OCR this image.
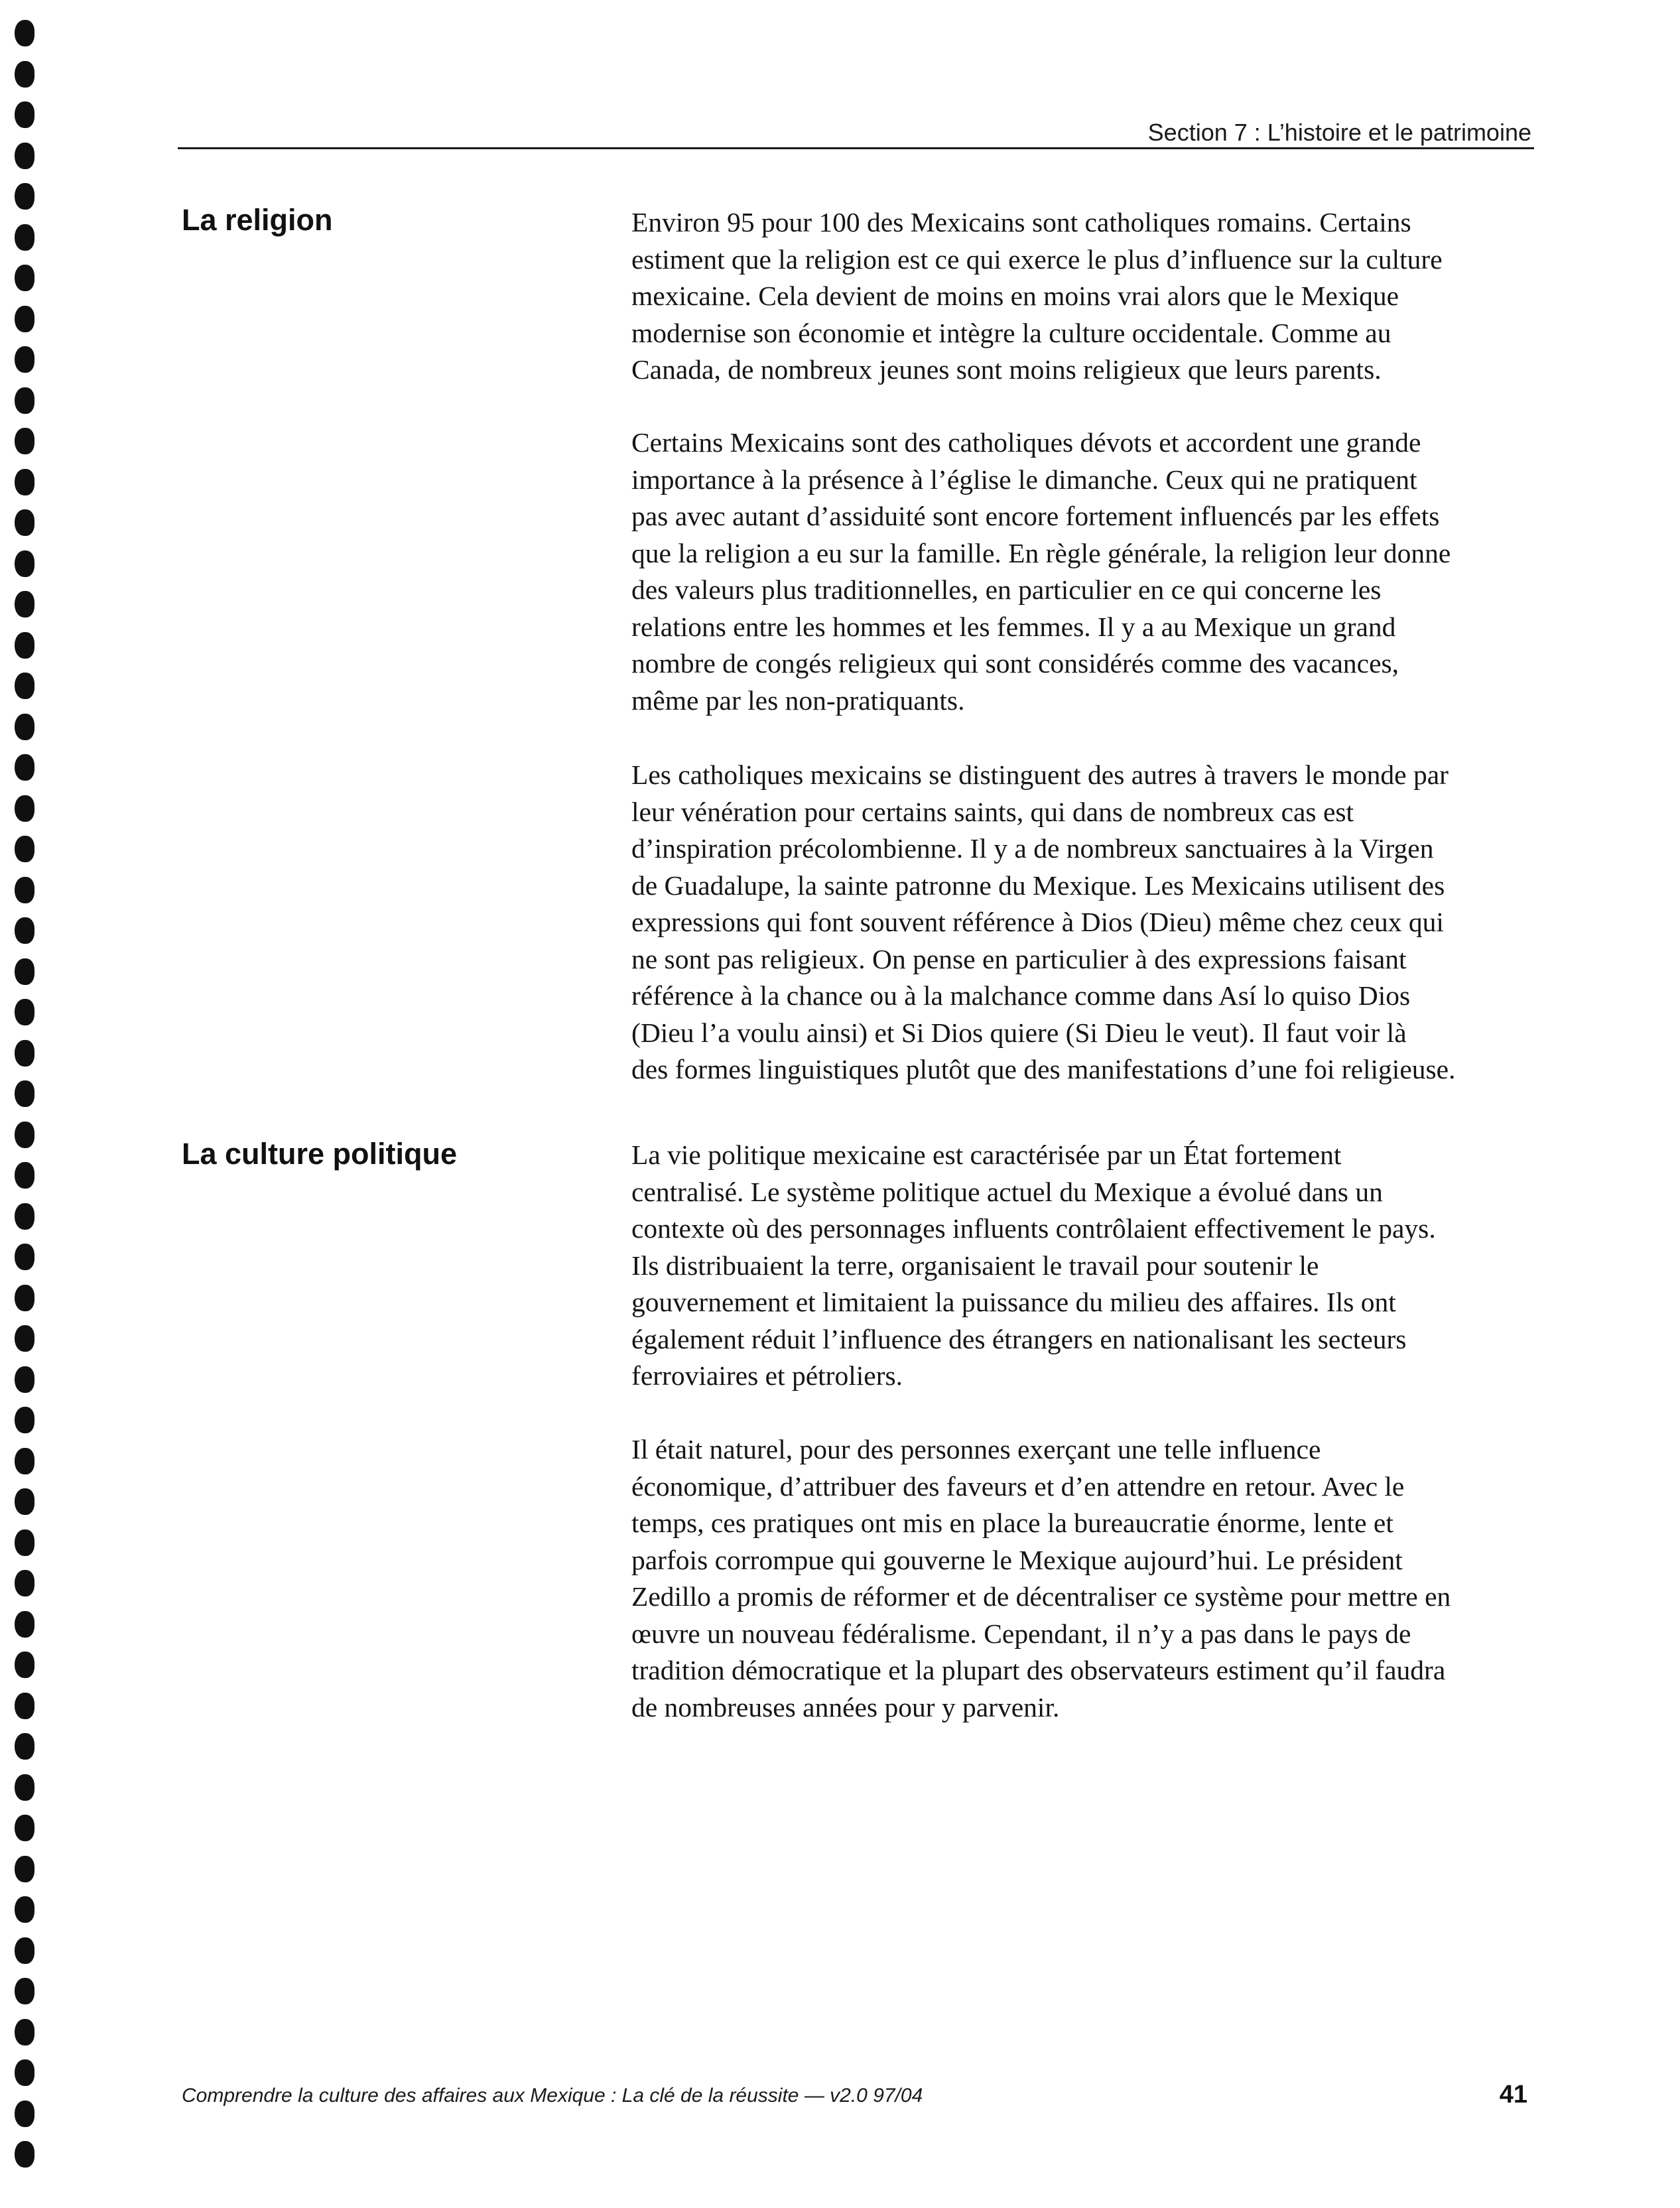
Section 7 : L’histoire et le patrimoine
La religion
La culture politique

Environ 95 pour 100 des Mexicains sont catholiques romains. Certains
estiment que la religion est ce qui exerce le plus d’influence sur la culture
mexicaine. Cela devient de moins en moins vrai alors que le Mexique
modernise son économie et intègre la culture occidentale. Comme au
Canada, de nombreux jeunes sont moins religieux que leurs parents.

Certains Mexicains sont des catholiques dévots et accordent une grande
importance à la présence à l’église le dimanche. Ceux qui ne pratiquent
pas avec autant d’assiduité sont encore fortement influencés par les effets
que la religion a eu sur la famille. En règle générale, la religion leur donne
des valeurs plus traditionnelles, en particulier en ce qui concerne les
relations entre les hommes et les femmes. Il y a au Mexique un grand
nombre de congés religieux qui sont considérés comme des vacances,
même par les non-pratiquants.

Les catholiques mexicains se distinguent des autres à travers le monde par
leur vénération pour certains saints, qui dans de nombreux cas est
d’inspiration précolombienne. Il y a de nombreux sanctuaires à la Virgen
de Guadalupe, la sainte patronne du Mexique. Les Mexicains utilisent des
expressions qui font souvent référence à Dios (Dieu) même chez ceux qui
ne sont pas religieux. On pense en particulier à des expressions faisant
référence à la chance ou à la malchance comme dans Así lo quiso Dios
(Dieu l’a voulu ainsi) et Si Dios quiere (Si Dieu le veut). Il faut voir là
des formes linguistiques plutôt que des manifestations d’une foi religieuse.

La vie politique mexicaine est caractérisée par un État fortement
centralisé. Le système politique actuel du Mexique a évolué dans un
contexte où des personnages influents contrôlaient effectivement le pays.
Ils distribuaient la terre, organisaient le travail pour soutenir le
gouvernement et limitaient la puissance du milieu des affaires. Ils ont
également réduit l’influence des étrangers en nationalisant les secteurs
ferroviaires et pétroliers.

Il était naturel, pour des personnes exerçant une telle influence
économique, d’attribuer des faveurs et d’en attendre en retour. Avec le
temps, ces pratiques ont mis en place la bureaucratie énorme, lente et
parfois corrompue qui gouverne le Mexique aujourd’hui. Le président
Zedillo a promis de réformer et de décentraliser ce système pour mettre en
œuvre un nouveau fédéralisme. Cependant, il n’y a pas dans le pays de
tradition démocratique et la plupart des observateurs estiment qu’il faudra
de nombreuses années pour y parvenir.

Comprendre la culture des affaires aux Mexique : La clé de la réussite — v2.0 97/04	41
